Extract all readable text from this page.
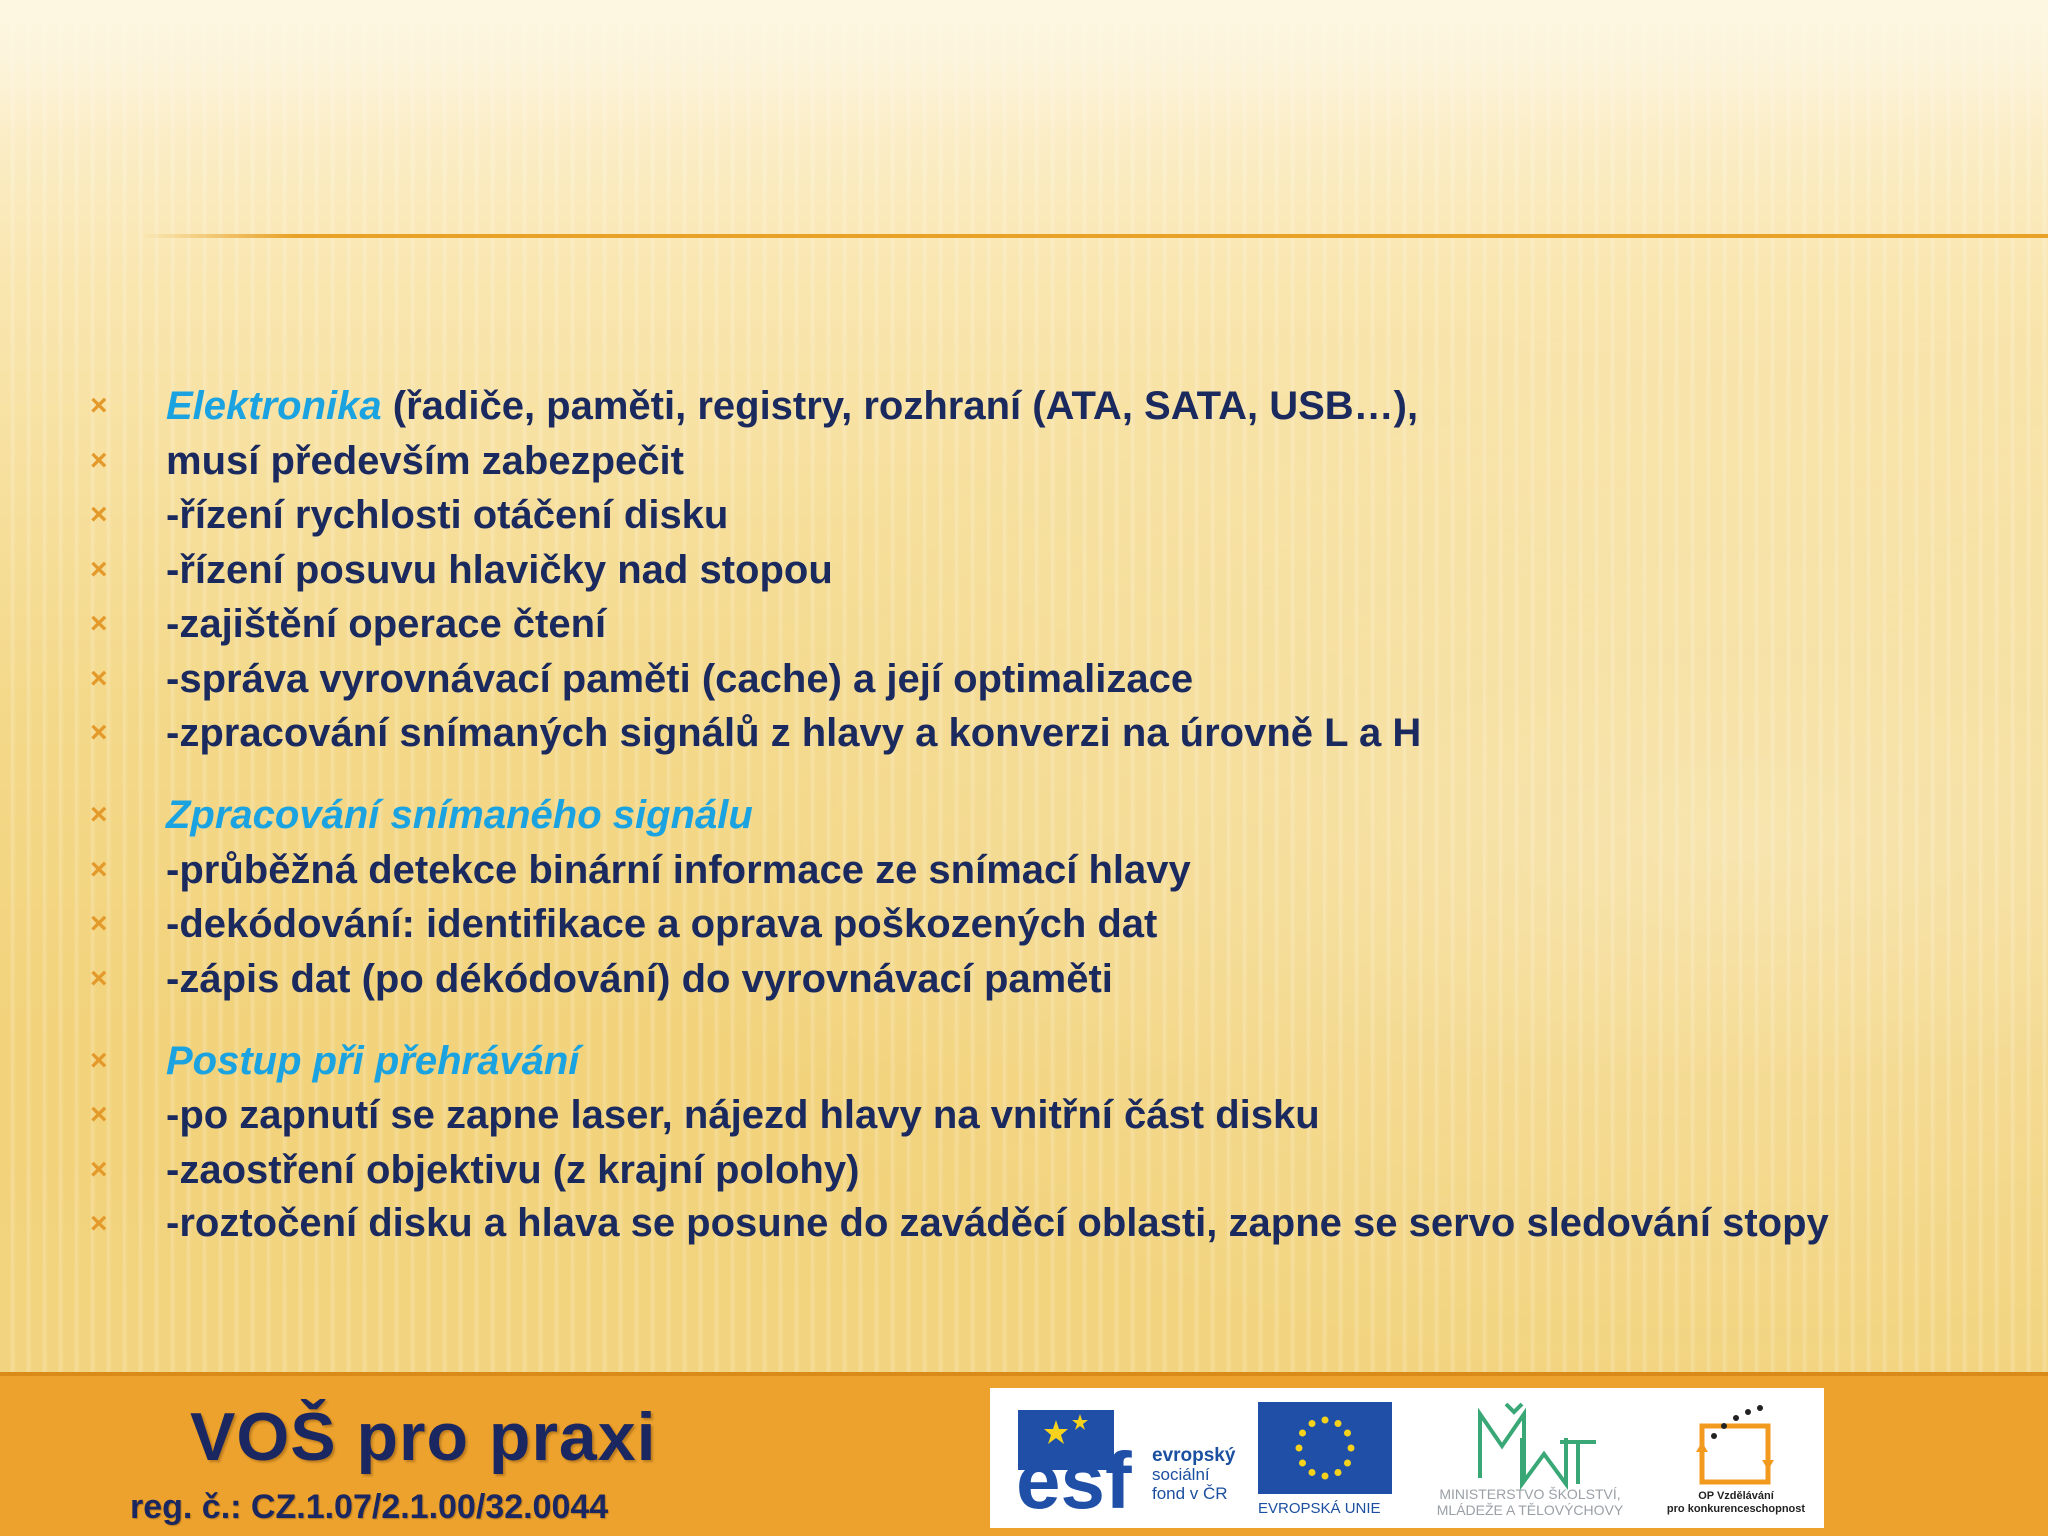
×	Elektronika (řadiče, paměti, registry, rozhraní (ATA, SATA, USB…),
×	musí především zabezpečit
×	-řízení rychlosti otáčení disku
×	-řízení posuvu hlavičky nad stopou
×	-zajištění operace čtení
×	-správa vyrovnávací paměti (cache) a její optimalizace
×	-zpracování snímaných signálů z hlavy a konverzi na úrovně L a H
×	Zpracování snímaného signálu
×	-průběžná detekce binární informace ze snímací hlavy
×	-dekódování: identifikace a oprava poškozených dat
×	-zápis dat (po dékódování) do vyrovnávací paměti
×	Postup při přehrávání
×	-po zapnutí se zapne laser, nájezd hlavy na vnitřní část disku
×	-zaostření objektivu (z krajní polohy)
×	-roztočení disku a hlava se posune do zaváděcí oblasti, zapne se servo sledování stopy
VOŠ pro praxi
reg. č.: CZ.1.07/2.1.00/32.0044	esf evropský
sociální
fond v ČR
EVROPSKÁ UNIE
MINISTERSTVO ŠKOLSTVÍ,
MLÁDEŽE A TĚLOVÝCHOVY
OP Vzdělávání
pro konkurenceschopnost
